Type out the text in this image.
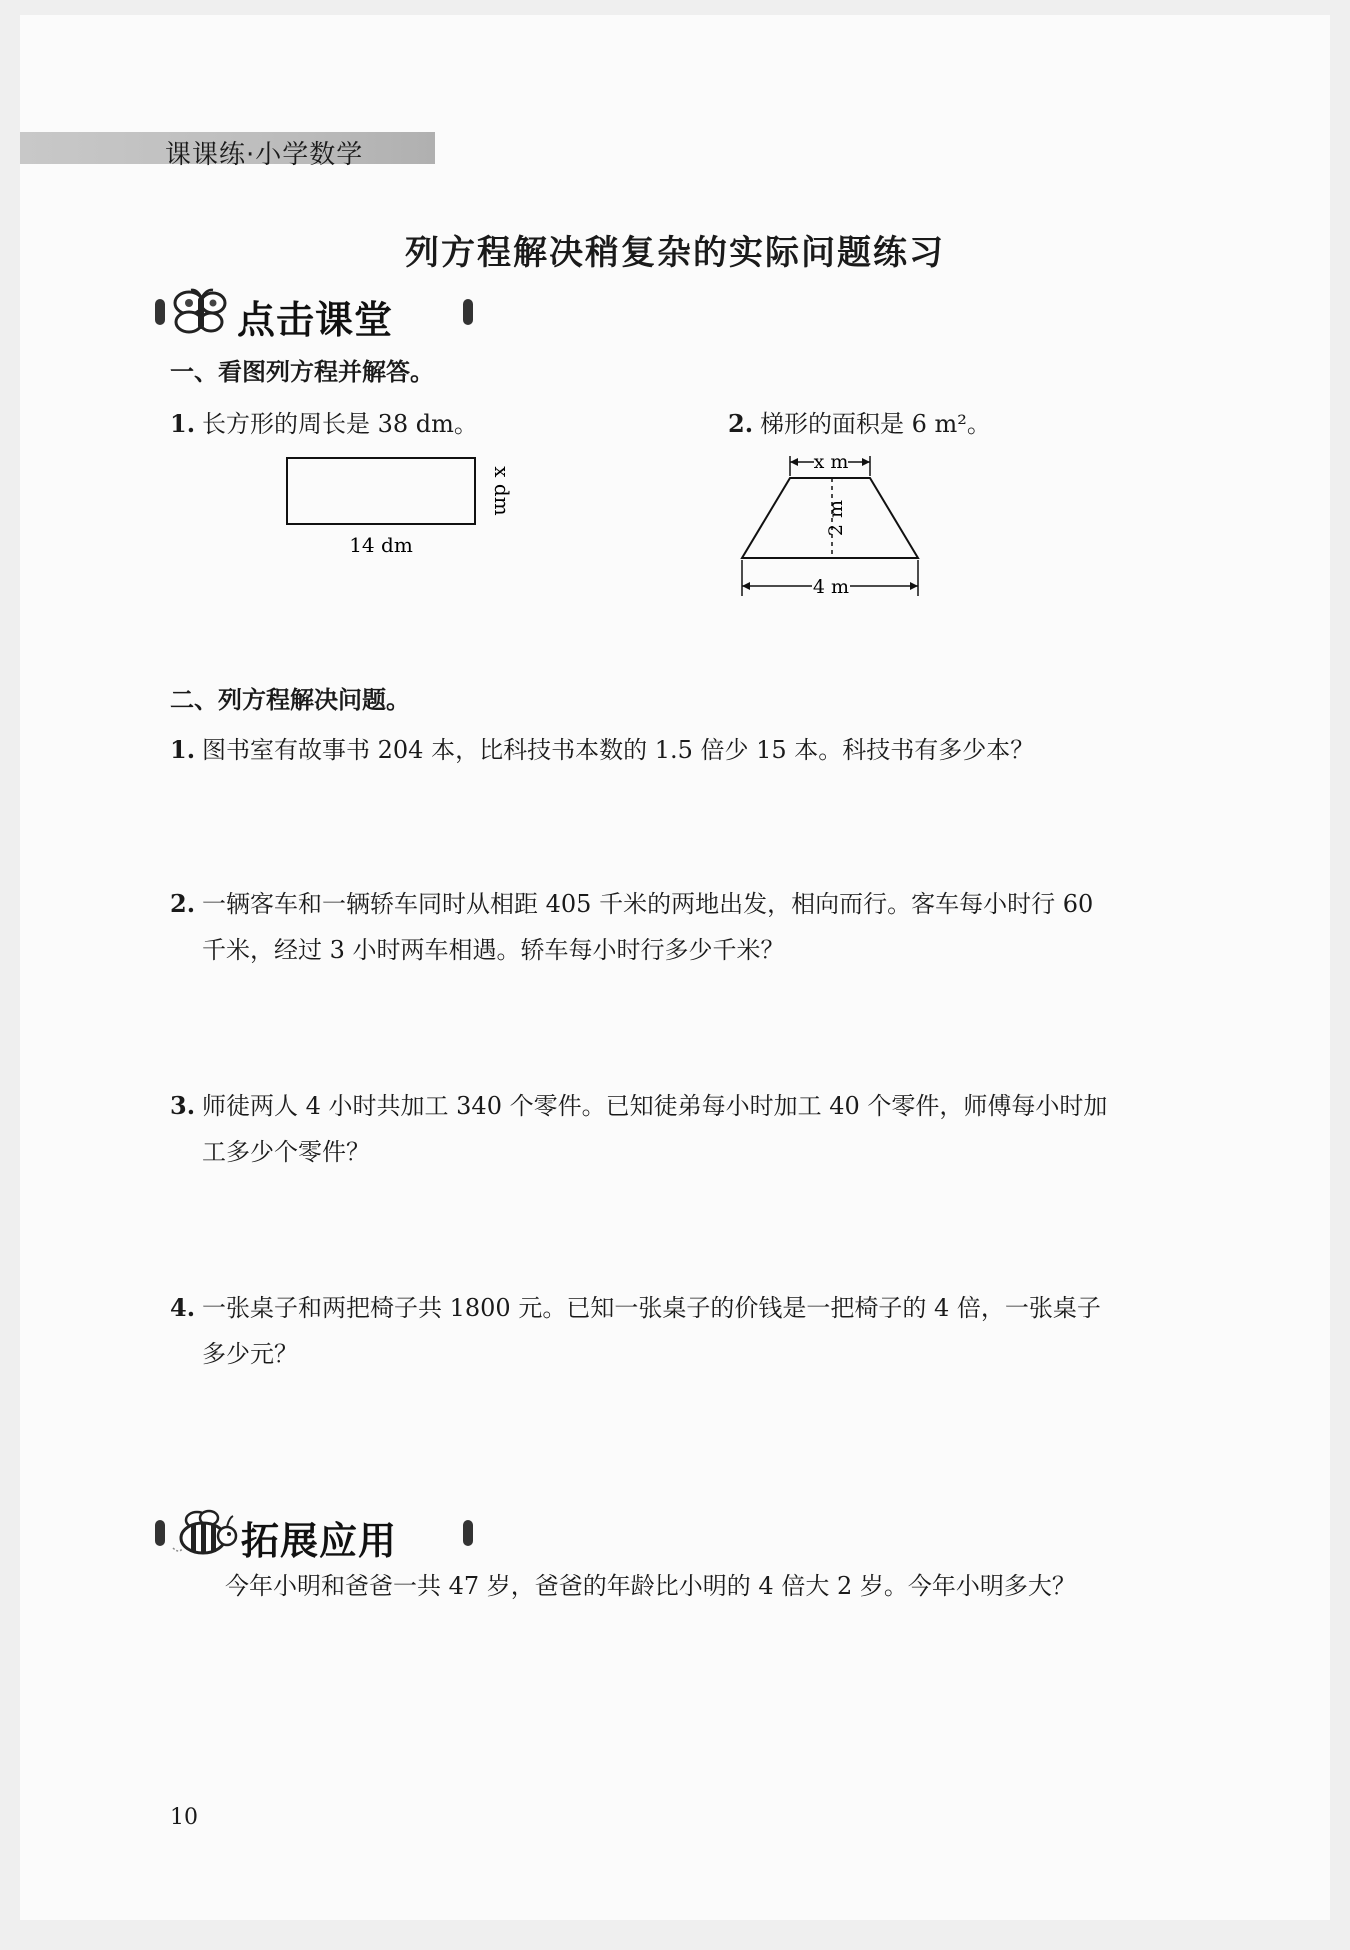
课课练·小学数学
列方程解决稍复杂的实际问题练习
点击课堂
一、看图列方程并解答。
1. 长方形的周长是 38 dm。	2. 梯形的面积是 6 m²。
14 dm
x dm
x m
2 m
4 m
二、列方程解决问题。
1. 图书室有故事书 204 本，比科技书本数的 1.5 倍少 15 本。科技书有多少本？
2. 一辆客车和一辆轿车同时从相距 405 千米的两地出发，相向而行。客车每小时行 60
千米，经过 3 小时两车相遇。轿车每小时行多少千米？
3. 师徒两人 4 小时共加工 340 个零件。已知徒弟每小时加工 40 个零件，师傅每小时加
工多少个零件？
4. 一张桌子和两把椅子共 1800 元。已知一张桌子的价钱是一把椅子的 4 倍，一张桌子
多少元？
拓展应用
今年小明和爸爸一共 47 岁，爸爸的年龄比小明的 4 倍大 2 岁。今年小明多大？
10
